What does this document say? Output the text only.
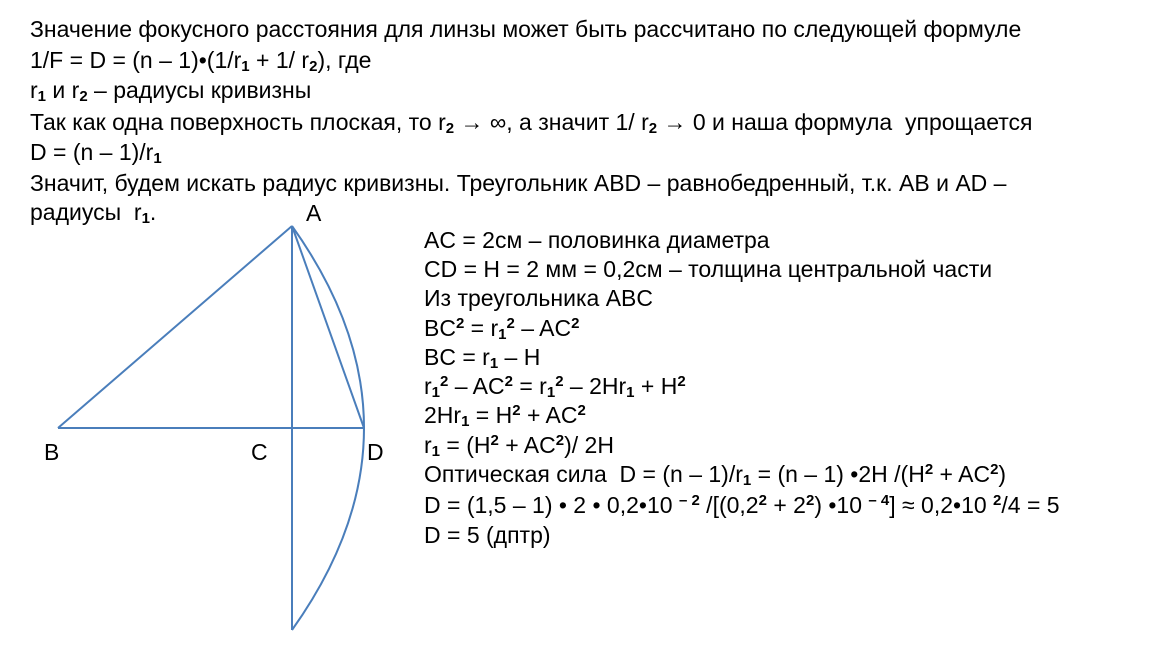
Значение фокусного расстояния для линзы может быть рассчитано по следующей формуле
$1/F = D = (n - 1)•(1/r_1 + 1/$ $r_2$), где
$r_1$ и $r_2$ – радиусы кривизны
Так как одна поверхность плоская, то $r_2$ → ∞, а значит 1/ $r_2 \to 0$ и наша формула  упрощается
$D = (n - 1)/r_1$
Значит, будем искать радиус кривизны. Треугольник ABD – равнобедренный, т.к. AB и AD –
радиусы  $r_1$.	A
B	C	D
AC = 2см – половинка диаметра
CD = H = 2 мм = 0,2см – толщина центральной части
Из треугольника ABC
$BC^2 = r_1^2 - AC^2$
BC = $r_1$ – H
$r_1^2 - AC^2 = r_1^2 - 2Hr_1 + H^2$
$2Hr_1 = H^2 + AC^2$
$r_1 = (H^2 + AC^2)/$ 2H
Оптическая сила  $D = (n - 1)/r_1 = (n - 1)$ •2H $/(H^2 + AC^2)$
D = (1,5 – 1) • 2 • 0,2•10 $^{- 2}$ $/[(0,2^2 + 2^2)$ •10 $^{- 4}$] ≈ 0,2•10 $^2$/4 = 5
D = 5 (дптр)
